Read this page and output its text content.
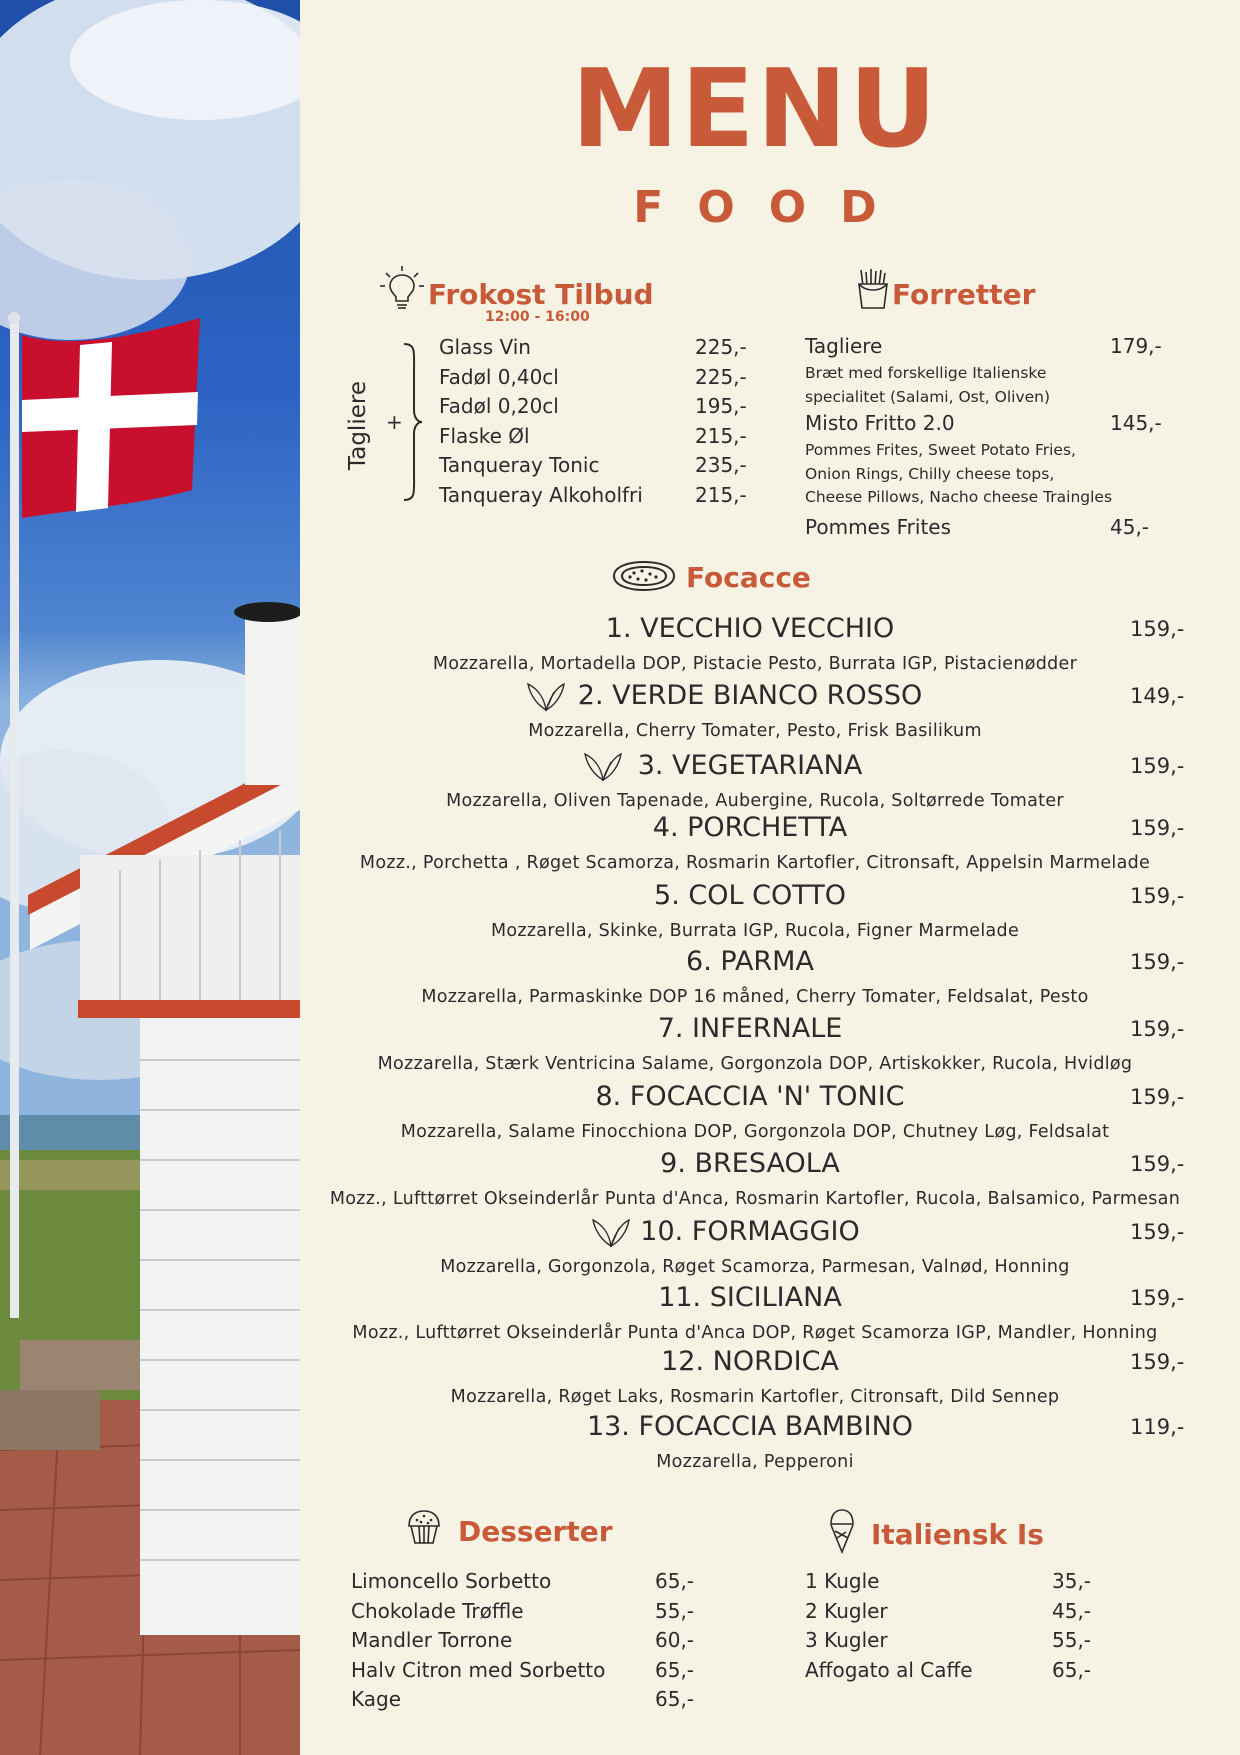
MENU
FOOD
Frokost Tilbud
12:00 - 16:00
Tagliere +
Glass Vin	225,-
Fadøl 0,40cl	225,-
Fadøl 0,20cl	195,-
Flaske Øl	215,-
Tanqueray Tonic	235,-
Tanqueray Alkoholfri	215,-
Forretter
Tagliere	179,-
Bræt med forskellige Italienske
specialitet (Salami, Ost, Oliven)
Misto Fritto 2.0	145,-
Pommes Frites, Sweet Potato Fries,
Onion Rings, Chilly cheese tops,
Cheese Pillows, Nacho cheese Traingles
Pommes Frites	45,-
Focacce
1. VECCHIO VECCHIO	159,-
Mozzarella, Mortadella DOP, Pistacie Pesto, Burrata IGP, Pistacienødder
2. VERDE BIANCO ROSSO	149,-
Mozzarella, Cherry Tomater, Pesto, Frisk Basilikum
3. VEGETARIANA	159,-
Mozzarella, Oliven Tapenade, Aubergine, Rucola, Soltørrede Tomater
4. PORCHETTA	159,-
Mozz., Porchetta , Røget Scamorza, Rosmarin Kartofler, Citronsaft, Appelsin Marmelade
5. COL COTTO	159,-
Mozzarella, Skinke, Burrata IGP, Rucola, Figner Marmelade
6. PARMA	159,-
Mozzarella, Parmaskinke DOP 16 måned, Cherry Tomater, Feldsalat, Pesto
7. INFERNALE	159,-
Mozzarella, Stærk Ventricina Salame, Gorgonzola DOP, Artiskokker, Rucola, Hvidløg
8. FOCACCIA 'N' TONIC	159,-
Mozzarella, Salame Finocchiona DOP, Gorgonzola DOP, Chutney Løg, Feldsalat
9. BRESAOLA	159,-
Mozz., Lufttørret Okseinderlår Punta d'Anca, Rosmarin Kartofler, Rucola, Balsamico, Parmesan
10. FORMAGGIO	159,-
Mozzarella, Gorgonzola, Røget Scamorza, Parmesan, Valnød, Honning
11. SICILIANA	159,-
Mozz., Lufttørret Okseinderlår Punta d'Anca DOP, Røget Scamorza IGP, Mandler, Honning
12. NORDICA	159,-
Mozzarella, Røget Laks, Rosmarin Kartofler, Citronsaft, Dild Sennep
13. FOCACCIA BAMBINO	119,-
Mozzarella, Pepperoni
Desserter
Limoncello Sorbetto	65,-
Chokolade Trøffle	55,-
Mandler Torrone	60,-
Halv Citron med Sorbetto 65,-
Kage	65,-
Italiensk Is
1 Kugle	35,-
2 Kugler	45,-
3 Kugler	55,-
Affogato al Caffe	65,-
